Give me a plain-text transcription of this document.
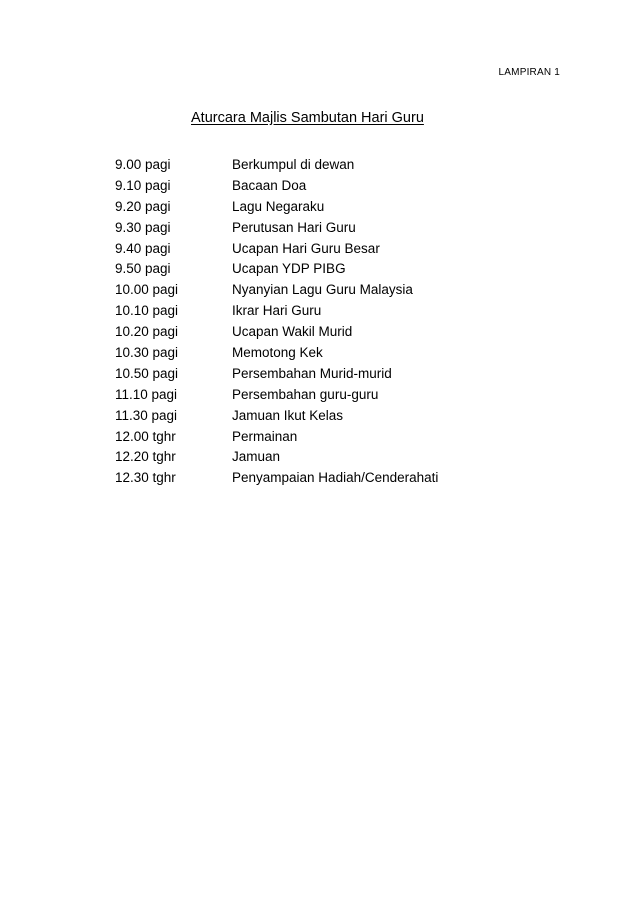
LAMPIRAN 1
Aturcara Majlis Sambutan Hari Guru
9.00 pagi	Berkumpul di dewan
9.10 pagi	Bacaan Doa
9.20 pagi	Lagu Negaraku
9.30 pagi	Perutusan Hari Guru
9.40 pagi	Ucapan Hari Guru Besar
9.50 pagi	Ucapan YDP PIBG
10.00 pagi	Nyanyian Lagu Guru Malaysia
10.10 pagi	Ikrar Hari Guru
10.20 pagi	Ucapan Wakil Murid
10.30 pagi	Memotong Kek
10.50 pagi	Persembahan Murid-murid
11.10 pagi	Persembahan guru-guru
11.30 pagi	Jamuan Ikut Kelas
12.00 tghr	Permainan
12.20 tghr	Jamuan
12.30 tghr	Penyampaian Hadiah/Cenderahati
